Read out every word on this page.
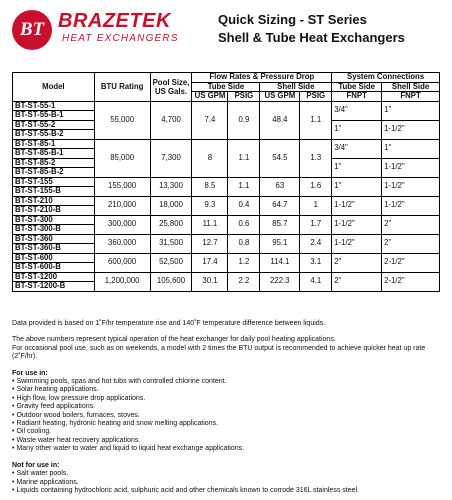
BT BRAZETEK
HEAT EXCHANGERS
Quick Sizing - ST Series
Shell & Tube Heat Exchangers
Model	BTU Rating	Pool Size, US Gals.	Flow Rates & Pressure Drop				System Connections	
			Tube Side		Shell Side		Tube Side	Shell Side
			US GPM	PSIG	US GPM	PSIG	FNPT	FNPT
BT-ST-55-1	55,000	4,700	7.4	0.9	48.4	1.1	3/4"	1"
BT-ST-55-B-1								
BT-ST-55-2							1"	1-1/2"
BT-ST-55-B-2								
BT-ST-85-1	85,000	7,300	8	1.1	54.5	1.3	3/4"	1"
BT-ST-85-B-1								
BT-ST-85-2							1"	1-1/2"
BT-ST-85-B-2								
BT-ST-155	155,000	13,300	8.5	1.1	63	1.6	1"	1-1/2"
BT-ST-155-B								
BT-ST-210	210,000	18,000	9.3	0.4	64.7	1	1-1/2"	1-1/2"
BT-ST-210-B								
BT-ST-300	300,000	25,800	11.1	0.6	85.7	1.7	1-1/2"	2"
BT-ST-300-B								
BT-ST-360	360,000	31,500	12.7	0.8	95.1	2.4	1-1/2"	2"
BT-ST-360-B								
BT-ST-600	600,000	52,500	17.4	1.2	114.1	3.1	2"	2-1/2"
BT-ST-600-B								
BT-ST-1200	1,200,000	105,600	30.1	2.2	222.3	4.1	2"	2-1/2"
BT-ST-1200-B								

Data provided is based on 1˚F/hr temperature rise and 140˚F temperature difference between liquids.

The above numbers represent typical operation of the heat exchanger for daily pool heating applications.

For occasional pool use, such as on weekends, a model with 2 times the BTU output is recommended to achieve quicker heat up rate (2˚F/hr).

For use in:

• Swimming pools, spas and hot tubs with controlled chlorine content.
• Solar heating applications.
• High flow, low pressure drop applications.
• Gravity feed applications.
• Outdoor wood boilers, furnaces, stoves.
• Radiant heating, hydronic heating and snow melting applications.
• Oil cooling.
• Waste water heat recovery applications.
• Many other water to water and liquid to liquid heat exchange applications.

Not for use in:

• Salt water pools.
• Marine applications.
• Liquids containing hydrochloric acid, sulphuric acid and other chemicals known to corrode 316L stainless steel.
